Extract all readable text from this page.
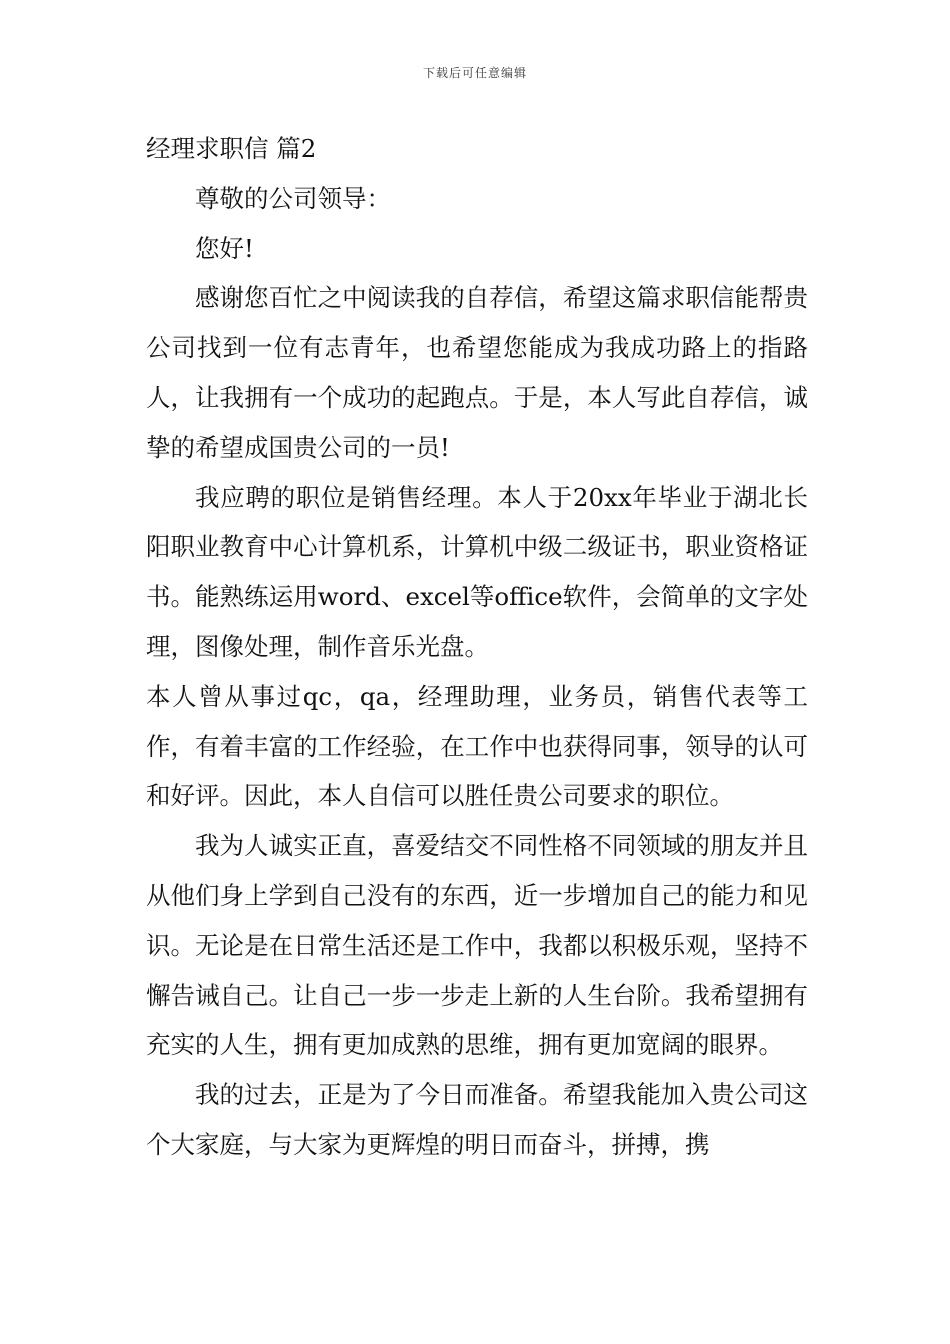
下载后可任意编辑

经理求职信 篇2

尊敬的公司领导：

您好!

感谢您百忙之中阅读我的自荐信，希望这篇求职信能帮贵公司找到一位有志青年，也希望您能成为我成功路上的指路人，让我拥有一个成功的起跑点。于是，本人写此自荐信，诚挚的希望成国贵公司的一员!

我应聘的职位是销售经理。本人于20xx年毕业于湖北长阳职业教育中心计算机系，计算机中级二级证书，职业资格证书。能熟练运用word、excel等office软件，会简单的文字处理，图像处理，制作音乐光盘。

本人曾从事过qc，qa，经理助理，业务员，销售代表等工作，有着丰富的工作经验，在工作中也获得同事，领导的认可和好评。因此，本人自信可以胜任贵公司要求的职位。

我为人诚实正直，喜爱结交不同性格不同领域的朋友并且从他们身上学到自己没有的东西，近一步增加自己的能力和见识。无论是在日常生活还是工作中，我都以积极乐观，坚持不懈告诫自己。让自己一步一步走上新的人生台阶。我希望拥有充实的人生，拥有更加成熟的思维，拥有更加宽阔的眼界。

我的过去，正是为了今日而准备。希望我能加入贵公司这个大家庭，与大家为更辉煌的明日而奋斗，拼搏，携
